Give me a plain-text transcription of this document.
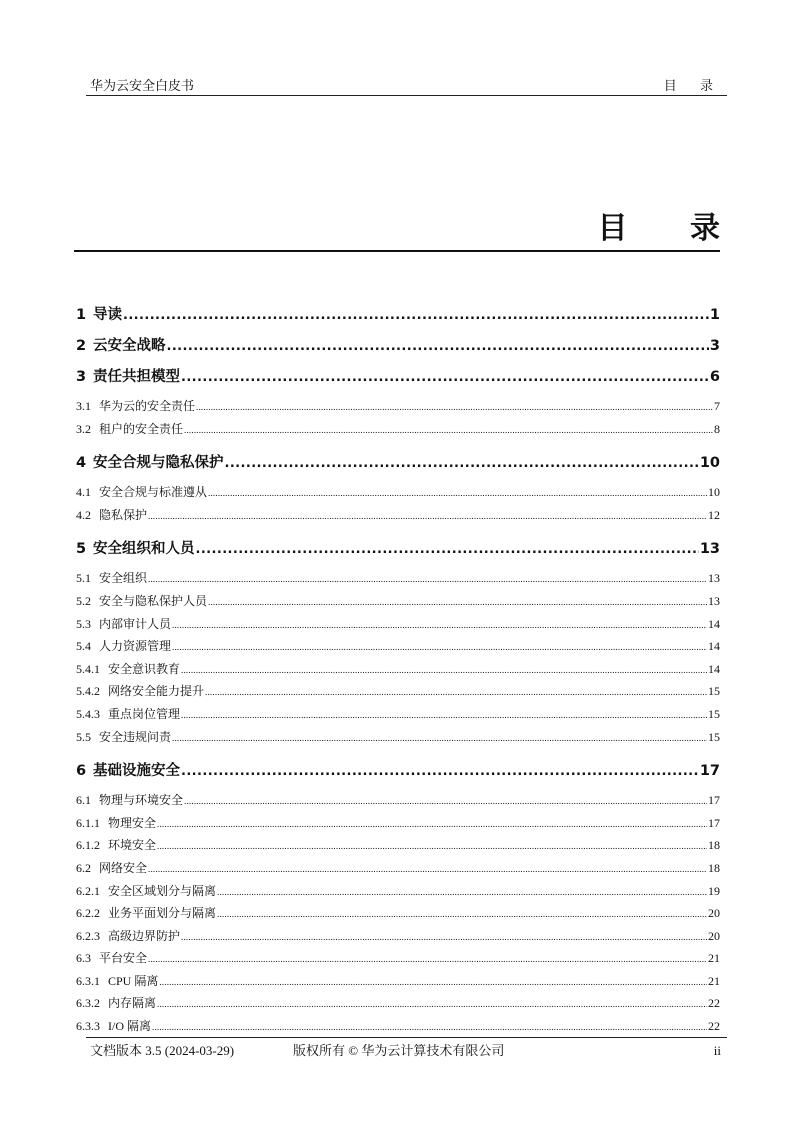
华为云安全白皮书	目 录
目 录
1 导读 .....	1
2 云安全战略 .....	3
3 责任共担模型 .....	6
3.1 华为云的安全责任 .....	7
3.2 租户的安全责任 .....	8
4 安全合规与隐私保护 .....	10
4.1 安全合规与标准遵从 .....	10
4.2 隐私保护 .....	12
5 安全组织和人员 .....	13
5.1 安全组织 .....	13
5.2 安全与隐私保护人员 .....	13
5.3 内部审计人员 .....	14
5.4 人力资源管理 .....	14
5.4.1 安全意识教育 .....	14
5.4.2 网络安全能力提升 .....	15
5.4.3 重点岗位管理 .....	15
5.5 安全违规问责 .....	15
6 基础设施安全 .....	17
6.1 物理与环境安全 .....	17
6.1.1 物理安全 .....	17
6.1.2 环境安全 .....	18
6.2 网络安全 .....	18
6.2.1 安全区域划分与隔离 .....	19
6.2.2 业务平面划分与隔离 .....	20
6.2.3 高级边界防护 .....	20
6.3 平台安全 .....	21
6.3.1 CPU 隔离 .....	21
6.3.2 内存隔离 .....	22
6.3.3 I/O 隔离 .....	22
文档版本 3.5 (2024-03-29)	版权所有 © 华为云计算技术有限公司	ii
